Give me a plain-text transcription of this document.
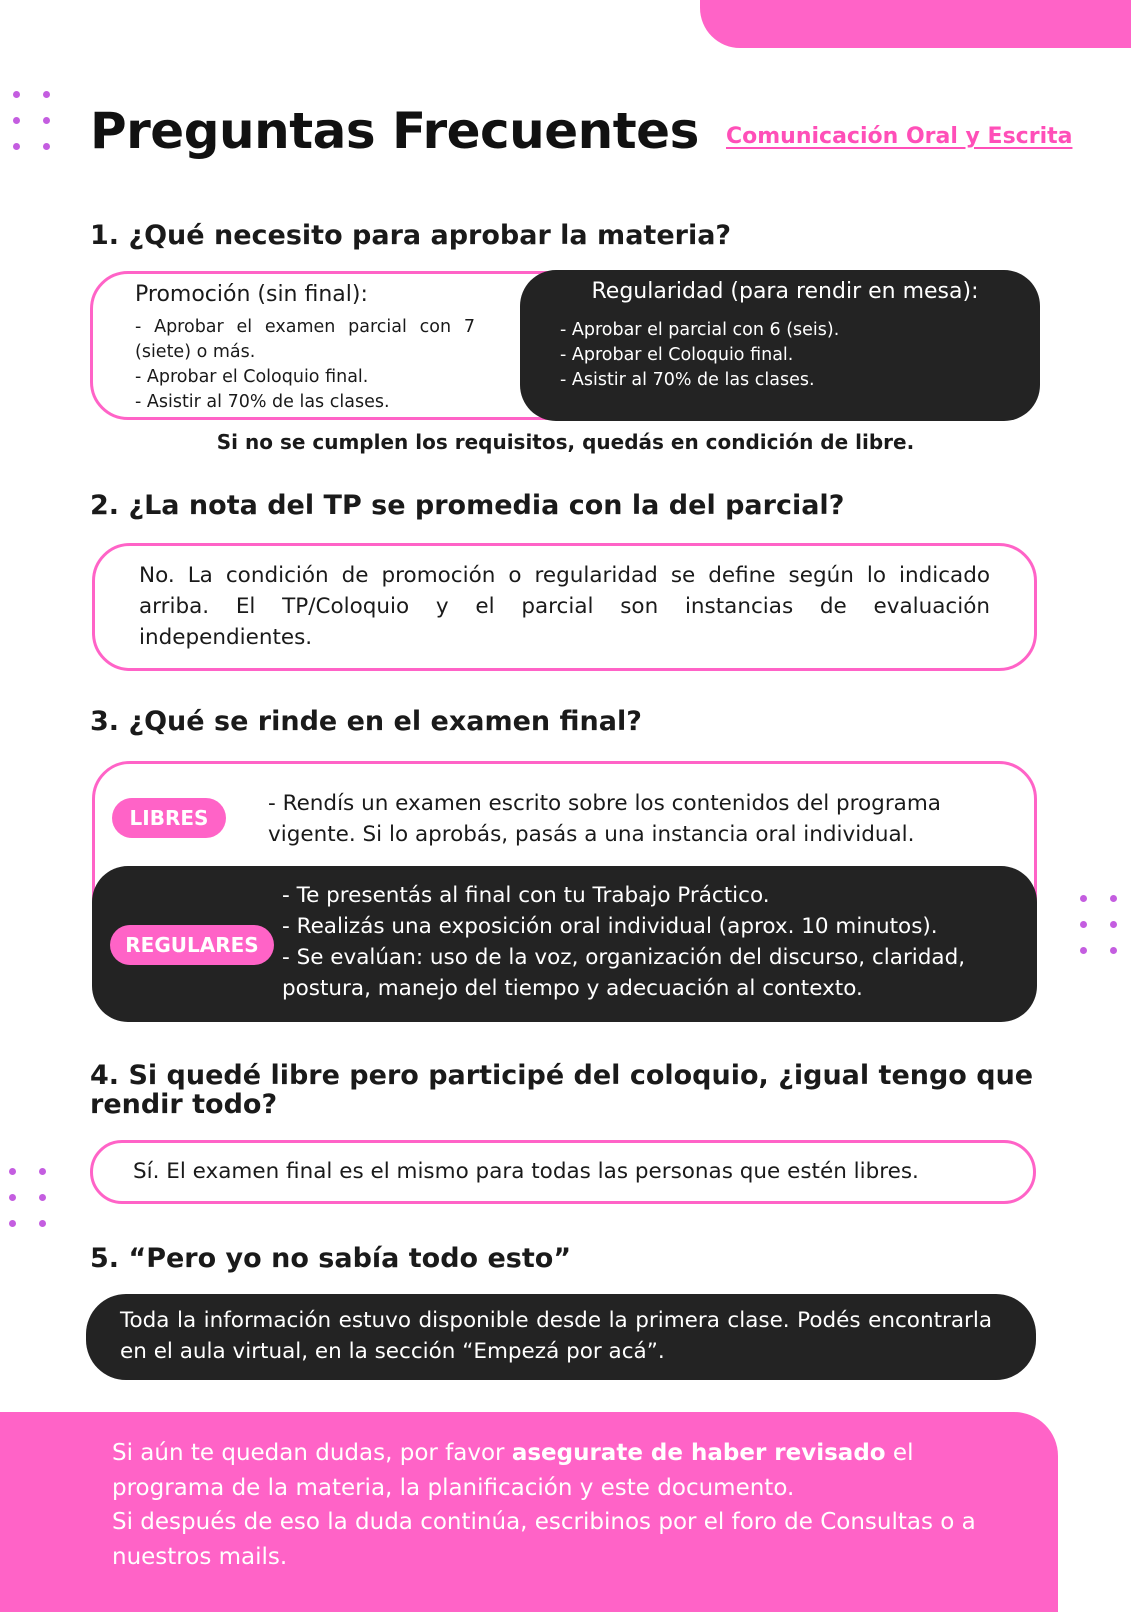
Preguntas Frecuentes Comunicación Oral y Escrita
1. ¿Qué necesito para aprobar la materia?
Promoción (sin final):
- Aprobar el examen parcial con 7 (siete) o más.
- Aprobar el Coloquio final.
- Asistir al 70% de las clases.
Regularidad (para rendir en mesa):
- Aprobar el parcial con 6 (seis).
- Aprobar el Coloquio final.
- Asistir al 70% de las clases.
Si no se cumplen los requisitos, quedás en condición de libre.
2. ¿La nota del TP se promedia con la del parcial?
No. La condición de promoción o regularidad se define según lo indicado arriba. El TP/Coloquio y el parcial son instancias de evaluación independientes.
3. ¿Qué se rinde en el examen final?
LIBRES
- Rendís un examen escrito sobre los contenidos del programa vigente. Si lo aprobás, pasás a una instancia oral individual.
REGULARES
- Te presentás al final con tu Trabajo Práctico.
- Realizás una exposición oral individual (aprox. 10 minutos).
- Se evalúan: uso de la voz, organización del discurso, claridad, postura, manejo del tiempo y adecuación al contexto.
4. Si quedé libre pero participé del coloquio, ¿igual tengo que
rendir todo?
Sí. El examen final es el mismo para todas las personas que estén libres.
5. “Pero yo no sabía todo esto”
Toda la información estuvo disponible desde la primera clase. Podés encontrarla en el aula virtual, en la sección “Empezá por acá”.
Si aún te quedan dudas, por favor asegurate de haber revisado el programa de la materia, la planificación y este documento.
Si después de eso la duda continúa, escribinos por el foro de Consultas o a nuestros mails.
